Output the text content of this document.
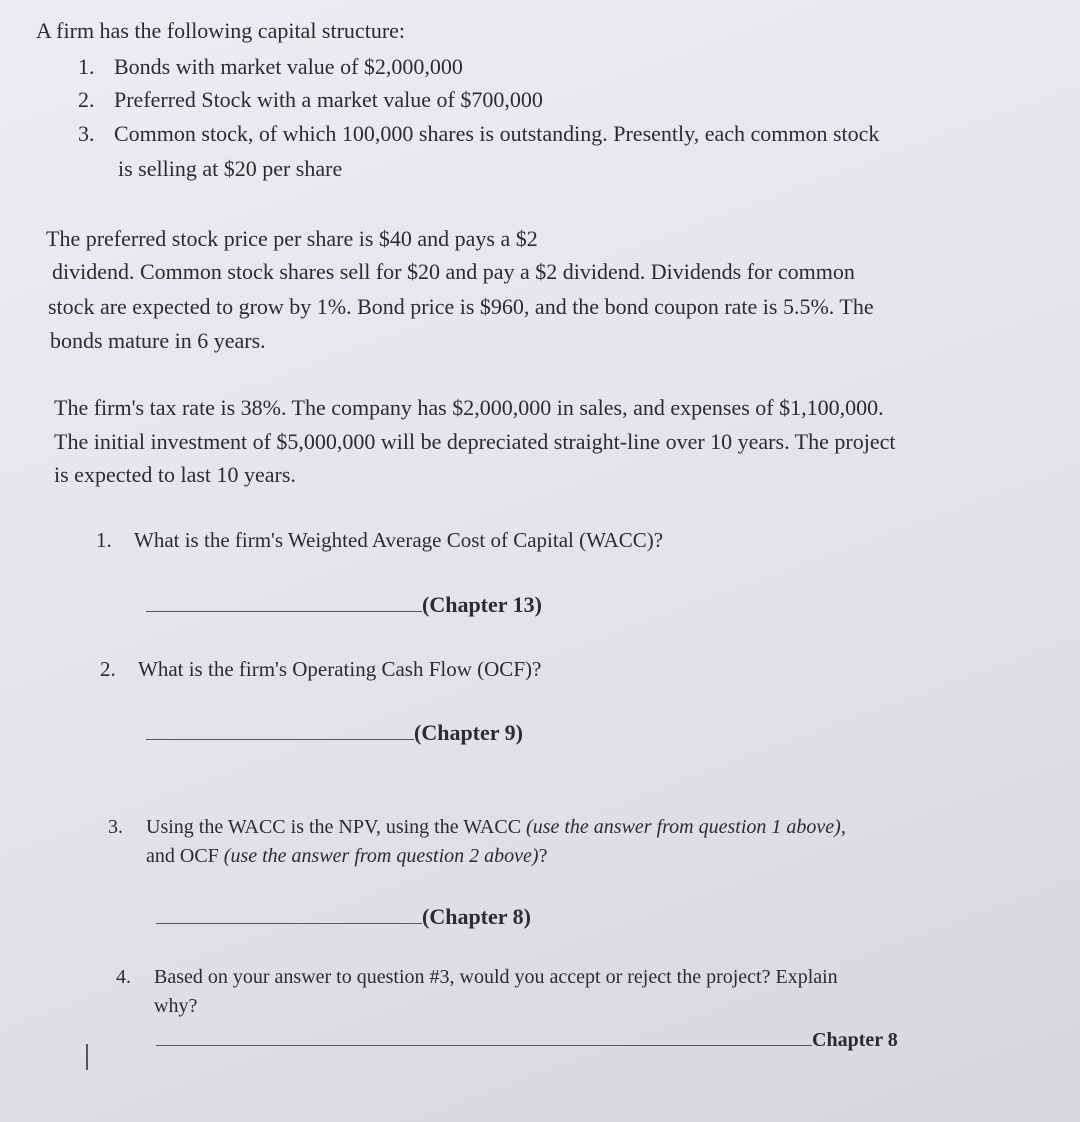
A firm has the following capital structure:
1. Bonds with market value of $2,000,000
2. Preferred Stock with a market value of $700,000
3. Common stock, of which 100,000 shares is outstanding. Presently, each common stock
is selling at $20 per share
The preferred stock price per share is $40 and pays a $2
dividend. Common stock shares sell for $20 and pay a $2 dividend. Dividends for common
stock are expected to grow by 1%. Bond price is $960, and the bond coupon rate is 5.5%. The
bonds mature in 6 years.
The firm's tax rate is 38%. The company has $2,000,000 in sales, and expenses of $1,100,000.
The initial investment of $5,000,000 will be depreciated straight-line over 10 years. The project
is expected to last 10 years.
1. What is the firm's Weighted Average Cost of Capital (WACC)?
(Chapter 13)
2. What is the firm's Operating Cash Flow (OCF)?
(Chapter 9)
3. Using the WACC is the NPV, using the WACC (use the answer from question 1 above),
and OCF (use the answer from question 2 above)?
(Chapter 8)
4. Based on your answer to question #3, would you accept or reject the project? Explain
why?
Chapter 8
